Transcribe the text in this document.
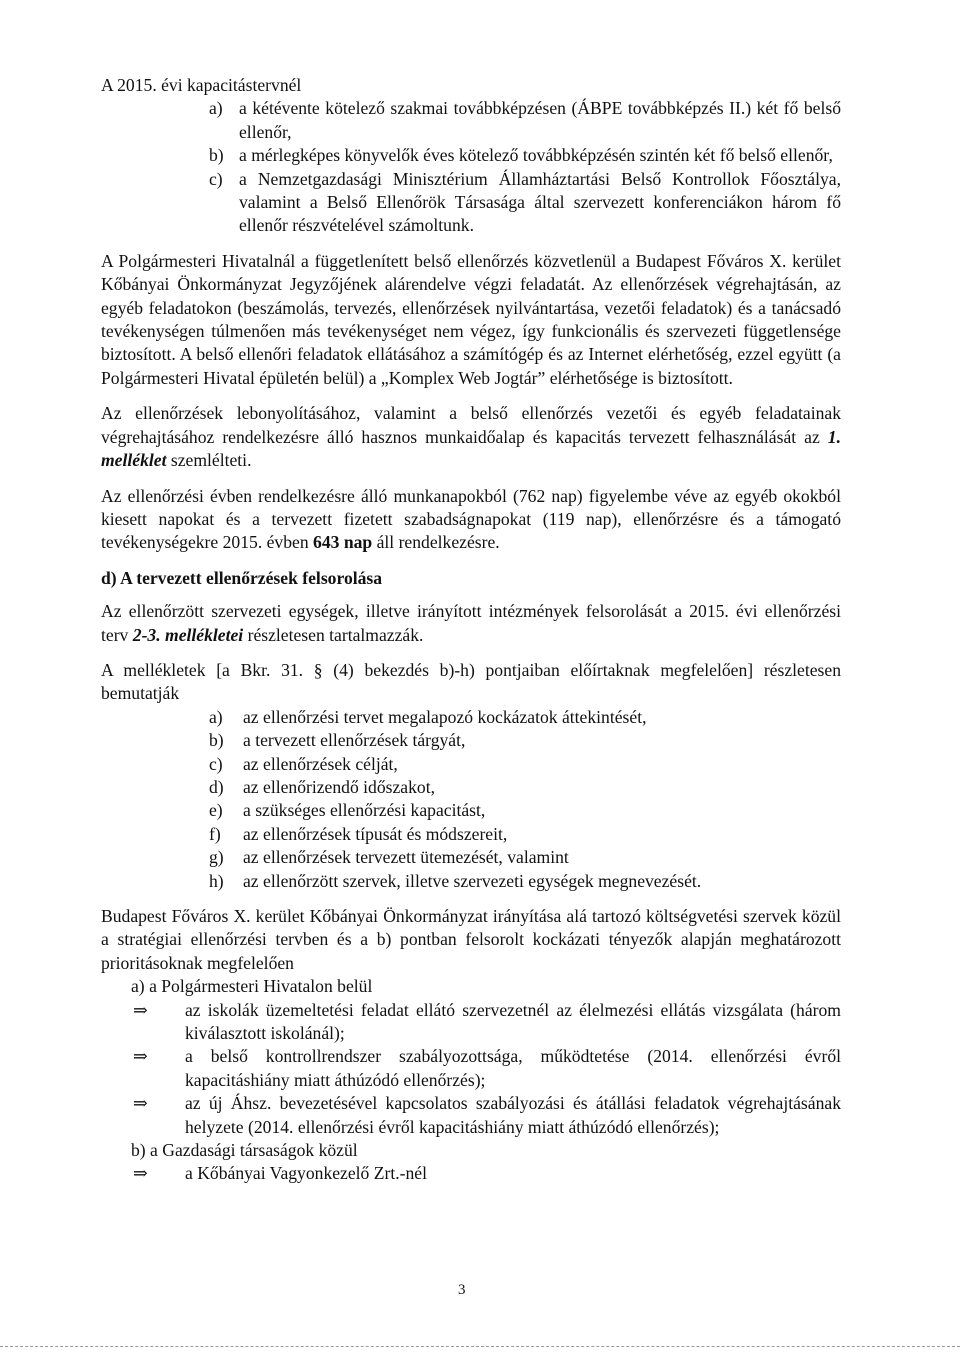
A 2015. évi kapacitástervnél

a) a kétévente kötelező szakmai továbbképzésen (ÁBPE továbbképzés II.) két fő belső ellenőr,
b) a mérlegképes könyvelők éves kötelező továbbképzésén szintén két fő belső ellenőr,
c) a Nemzetgazdasági Minisztérium Államháztartási Belső Kontrollok Főosztálya, valamint a Belső Ellenőrök Társasága által szervezett konferenciákon három fő ellenőr részvételével számoltunk.

A Polgármesteri Hivatalnál a függetlenített belső ellenőrzés közvetlenül a Budapest Főváros X. kerület Kőbányai Önkormányzat Jegyzőjének alárendelve végzi feladatát. Az ellenőrzések végrehajtásán, az egyéb feladatokon (beszámolás, tervezés, ellenőrzések nyilvántartása, vezetői feladatok) és a tanácsadó tevékenységen túlmenően más tevékenységet nem végez, így funkcionális és szervezeti függetlensége biztosított. A belső ellenőri feladatok ellátásához a számítógép és az Internet elérhetőség, ezzel együtt (a Polgármesteri Hivatal épületén belül) a „Komplex Web Jogtár” elérhetősége is biztosított.

Az ellenőrzések lebonyolításához, valamint a belső ellenőrzés vezetői és egyéb feladatainak végrehajtásához rendelkezésre álló hasznos munkaidőalap és kapacitás tervezett felhasználását az 1. melléklet szemlélteti.

Az ellenőrzési évben rendelkezésre álló munkanapokból (762 nap) figyelembe véve az egyéb okokból kiesett napokat és a tervezett fizetett szabadságnapokat (119 nap), ellenőrzésre és a támogató tevékenységekre 2015. évben 643 nap áll rendelkezésre.

d) A tervezett ellenőrzések felsorolása

Az ellenőrzött szervezeti egységek, illetve irányított intézmények felsorolását a 2015. évi ellenőrzési terv 2-3. mellékletei részletesen tartalmazzák.

A mellékletek [a Bkr. 31. § (4) bekezdés b)-h) pontjaiban előírtaknak megfelelően] részletesen bemutatják

a)	az ellenőrzési tervet megalapozó kockázatok áttekintését,
b)	a tervezett ellenőrzések tárgyát,
c)	az ellenőrzések célját,
d)	az ellenőrizendő időszakot,
e)	a szükséges ellenőrzési kapacitást,
f)	az ellenőrzések típusát és módszereit,
g)	az ellenőrzések tervezett ütemezését, valamint
h)	az ellenőrzött szervek, illetve szervezeti egységek megnevezését.

Budapest Főváros X. kerület Kőbányai Önkormányzat irányítása alá tartozó költségvetési szervek közül a stratégiai ellenőrzési tervben és a b) pontban felsorolt kockázati tényezők alapján meghatározott prioritásoknak megfelelően

a) a Polgármesteri Hivatalon belül

⇒	az iskolák üzemeltetési feladat ellátó szervezetnél az élelmezési ellátás vizsgálata (három kiválasztott iskolánál);
⇒	a belső kontrollrendszer szabályozottsága, működtetése (2014. ellenőrzési évről kapacitáshiány miatt áthúzódó ellenőrzés);
⇒	az új Áhsz. bevezetésével kapcsolatos szabályozási és átállási feladatok végrehajtásának helyzete (2014. ellenőrzési évről kapacitáshiány miatt áthúzódó ellenőrzés);

b) a Gazdasági társaságok közül

⇒	a Kőbányai Vagyonkezelő Zrt.-nél
3
